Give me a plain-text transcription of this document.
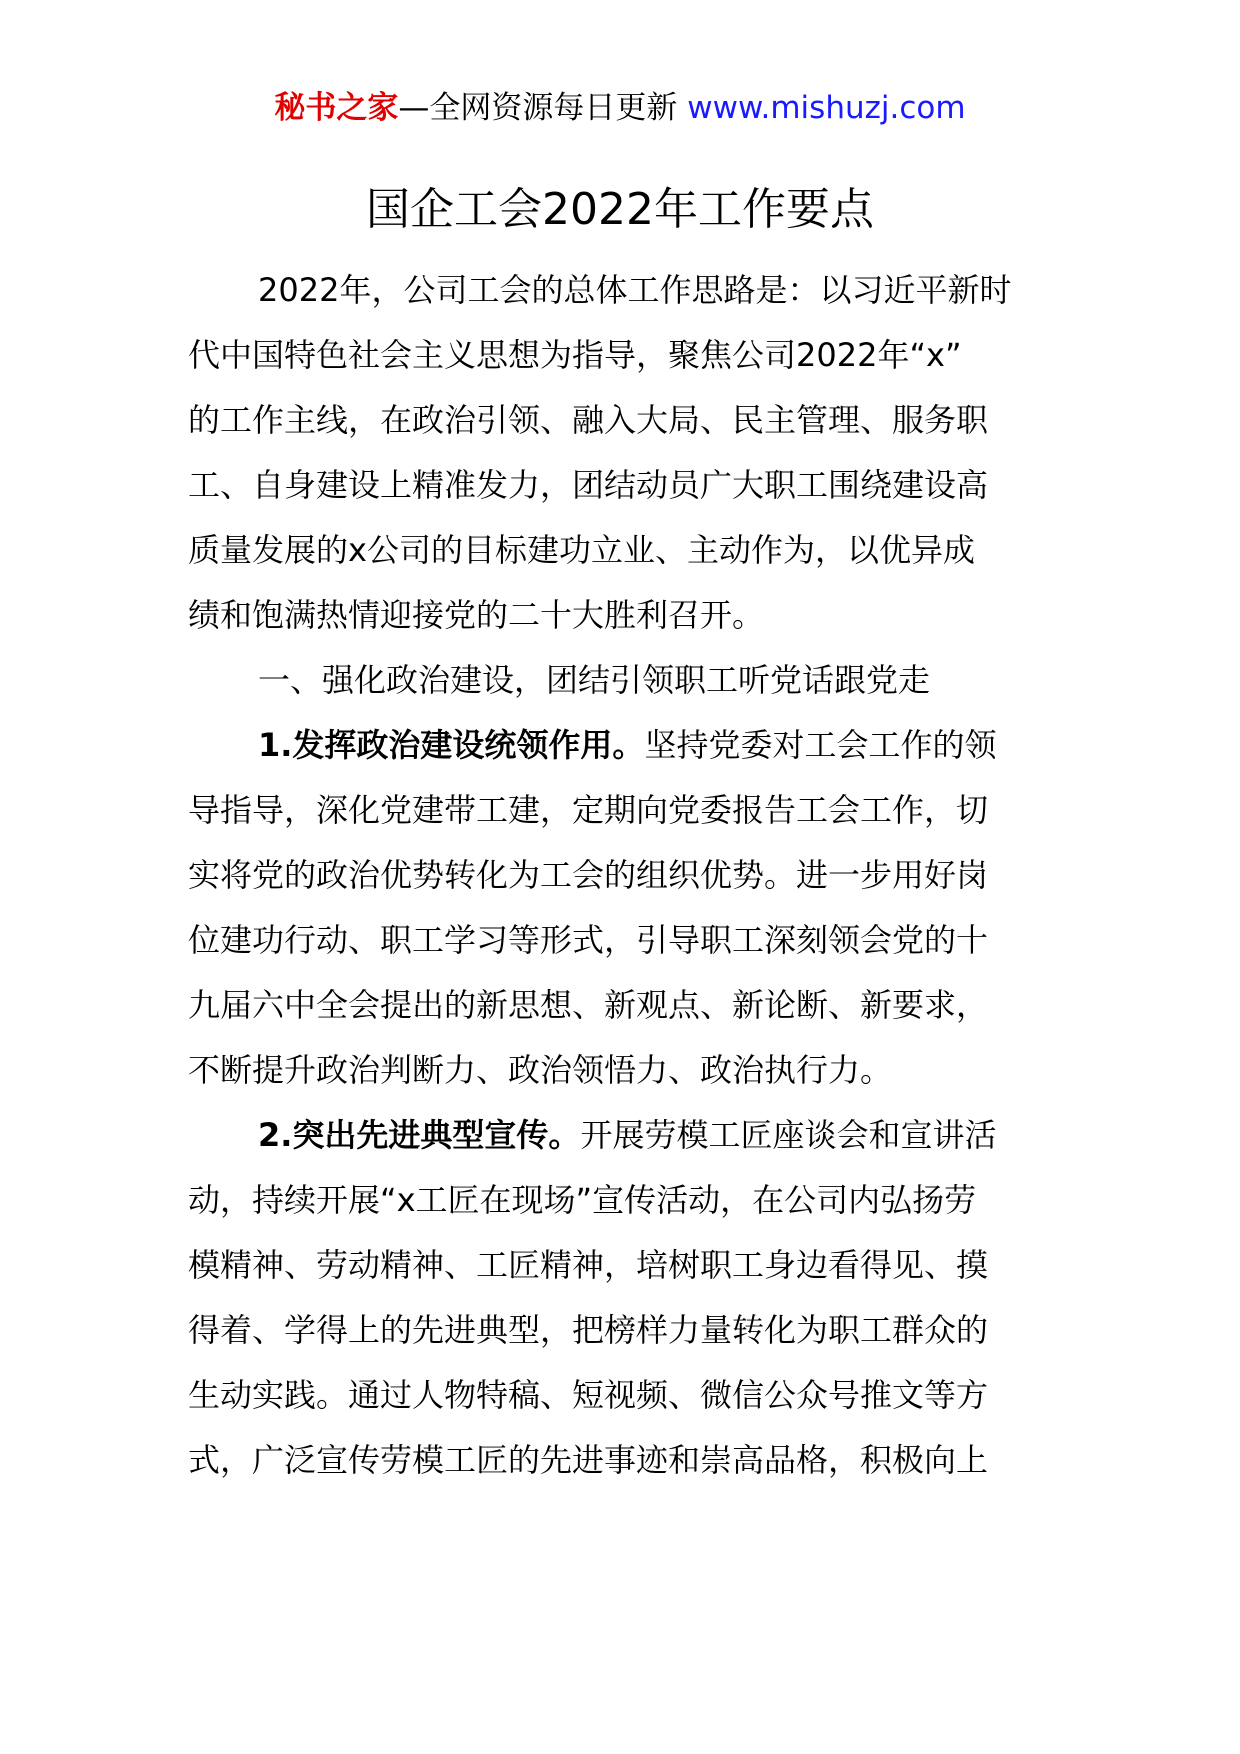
秘书之家—全网资源每日更新 www.mishuzj.com
国企工会2022年工作要点
2022年，公司工会的总体工作思路是：以习近平新时
代中国特色社会主义思想为指导，聚焦公司2022年“x”
的工作主线，在政治引领、融入大局、民主管理、服务职
工、自身建设上精准发力，团结动员广大职工围绕建设高
质量发展的x公司的目标建功立业、主动作为，以优异成
绩和饱满热情迎接党的二十大胜利召开。
一、强化政治建设，团结引领职工听党话跟党走
1.发挥政治建设统领作用。坚持党委对工会工作的领
导指导，深化党建带工建，定期向党委报告工会工作，切
实将党的政治优势转化为工会的组织优势。进一步用好岗
位建功行动、职工学习等形式，引导职工深刻领会党的十
九届六中全会提出的新思想、新观点、新论断、新要求，
不断提升政治判断力、政治领悟力、政治执行力。
2.突出先进典型宣传。开展劳模工匠座谈会和宣讲活
动，持续开展“x工匠在现场”宣传活动，在公司内弘扬劳
模精神、劳动精神、工匠精神，培树职工身边看得见、摸
得着、学得上的先进典型，把榜样力量转化为职工群众的
生动实践。通过人物特稿、短视频、微信公众号推文等方
式，广泛宣传劳模工匠的先进事迹和崇高品格，积极向上
